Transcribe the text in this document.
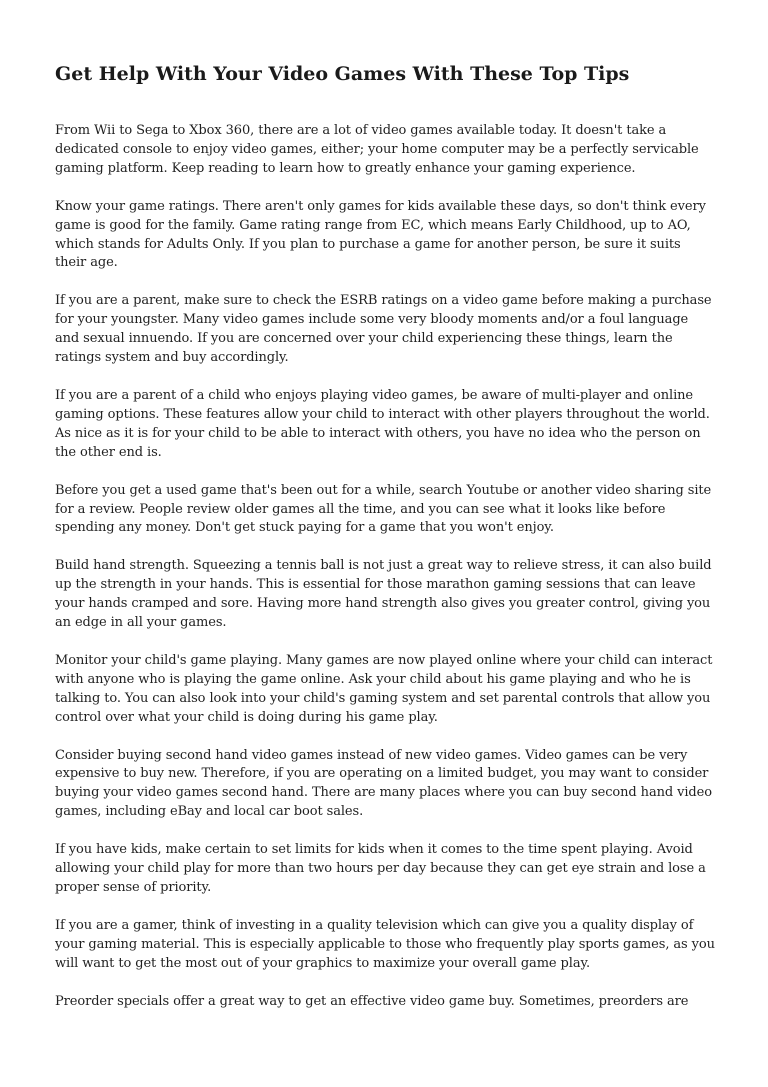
Get Help With Your Video Games With These Top Tips

From Wii to Sega to Xbox 360, there are a lot of video games available today. It doesn't take a
dedicated console to enjoy video games, either; your home computer may be a perfectly servicable
gaming platform. Keep reading to learn how to greatly enhance your gaming experience.

Know your game ratings. There aren't only games for kids available these days, so don't think every
game is good for the family. Game rating range from EC, which means Early Childhood, up to AO,
which stands for Adults Only. If you plan to purchase a game for another person, be sure it suits
their age.

If you are a parent, make sure to check the ESRB ratings on a video game before making a purchase
for your youngster. Many video games include some very bloody moments and/or a foul language
and sexual innuendo. If you are concerned over your child experiencing these things, learn the
ratings system and buy accordingly.

If you are a parent of a child who enjoys playing video games, be aware of multi-player and online
gaming options. These features allow your child to interact with other players throughout the world.
As nice as it is for your child to be able to interact with others, you have no idea who the person on
the other end is.

Before you get a used game that's been out for a while, search Youtube or another video sharing site
for a review. People review older games all the time, and you can see what it looks like before
spending any money. Don't get stuck paying for a game that you won't enjoy.

Build hand strength. Squeezing a tennis ball is not just a great way to relieve stress, it can also build
up the strength in your hands. This is essential for those marathon gaming sessions that can leave
your hands cramped and sore. Having more hand strength also gives you greater control, giving you
an edge in all your games.

Monitor your child's game playing. Many games are now played online where your child can interact
with anyone who is playing the game online. Ask your child about his game playing and who he is
talking to. You can also look into your child's gaming system and set parental controls that allow you
control over what your child is doing during his game play.

Consider buying second hand video games instead of new video games. Video games can be very
expensive to buy new. Therefore, if you are operating on a limited budget, you may want to consider
buying your video games second hand. There are many places where you can buy second hand video
games, including eBay and local car boot sales.

If you have kids, make certain to set limits for kids when it comes to the time spent playing. Avoid
allowing your child play for more than two hours per day because they can get eye strain and lose a
proper sense of priority.

If you are a gamer, think of investing in a quality television which can give you a quality display of
your gaming material. This is especially applicable to those who frequently play sports games, as you
will want to get the most out of your graphics to maximize your overall game play.

Preorder specials offer a great way to get an effective video game buy. Sometimes, preorders are
